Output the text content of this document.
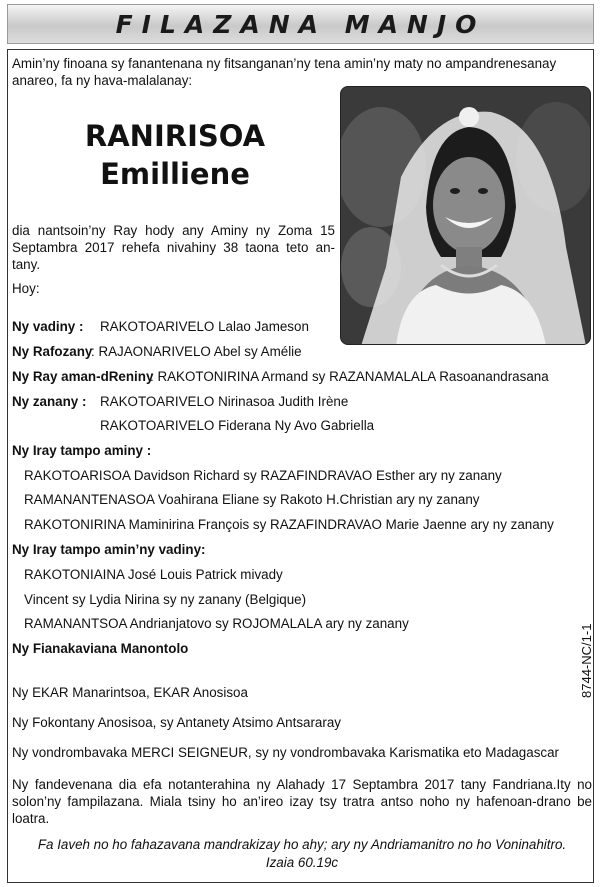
FILAZANA MANJO
Amin’ny finoana sy fanantenana ny fitsanganan’ny tena amin’ny maty no ampandrenesanay anareo, fa ny hava-malalanay:
RANIRISOA
Emilliene
dia nantsoin’ny Ray hody any Aminy ny Zoma 15 Septambra 2017 rehefa nivahiny 38 taona teto an-tany.
Hoy:
Ny vadiny : RAKOTOARIVELO Lalao Jameson
Ny Rafozany
: RAJAONARIVELO Abel sy Amélie
Ny Ray aman-dReniny
: RAKOTONIRINA Armand sy RAZANAMALALA Rasoanandrasana
Ny zanany : RAKOTOARIVELO Nirinasoa Judith Irène
RAKOTOARIVELO Fiderana Ny Avo Gabriella
Ny Iray tampo aminy :
RAKOTOARISOA Davidson Richard sy RAZAFINDRAVAO Esther ary ny zanany
RAMANANTENASOA Voahirana Eliane sy Rakoto H.Christian ary ny zanany
RAKOTONIRINA Maminirina François sy RAZAFINDRAVAO Marie Jaenne ary ny zanany
Ny Iray tampo amin’ny vadiny:
RAKOTONIAINA José Louis Patrick mivady
Vincent sy Lydia Nirina sy ny zanany (Belgique)
RAMANANTSOA Andrianjatovo sy ROJOMALALA ary ny zanany
Ny Fianakaviana Manontolo	8744-NC/1-1
Ny EKAR Manarintsoa, EKAR Anosisoa
Ny Fokontany Anosisoa, sy Antanety Atsimo Antsararay
Ny vondrombavaka MERCI SEIGNEUR, sy ny vondrombavaka Karismatika eto Madagascar
Ny fandevenana dia efa notanterahina ny Alahady 17 Septambra 2017 tany Fandriana.Ity no solon’ny fampilazana. Miala tsiny ho an’ireo izay tsy tratra antso noho ny hafenoan-drano be loatra.
Fa Iaveh no ho fahazavana mandrakizay ho ahy; ary ny Andriamanitro no ho Voninahitro.
Izaia 60.19c
